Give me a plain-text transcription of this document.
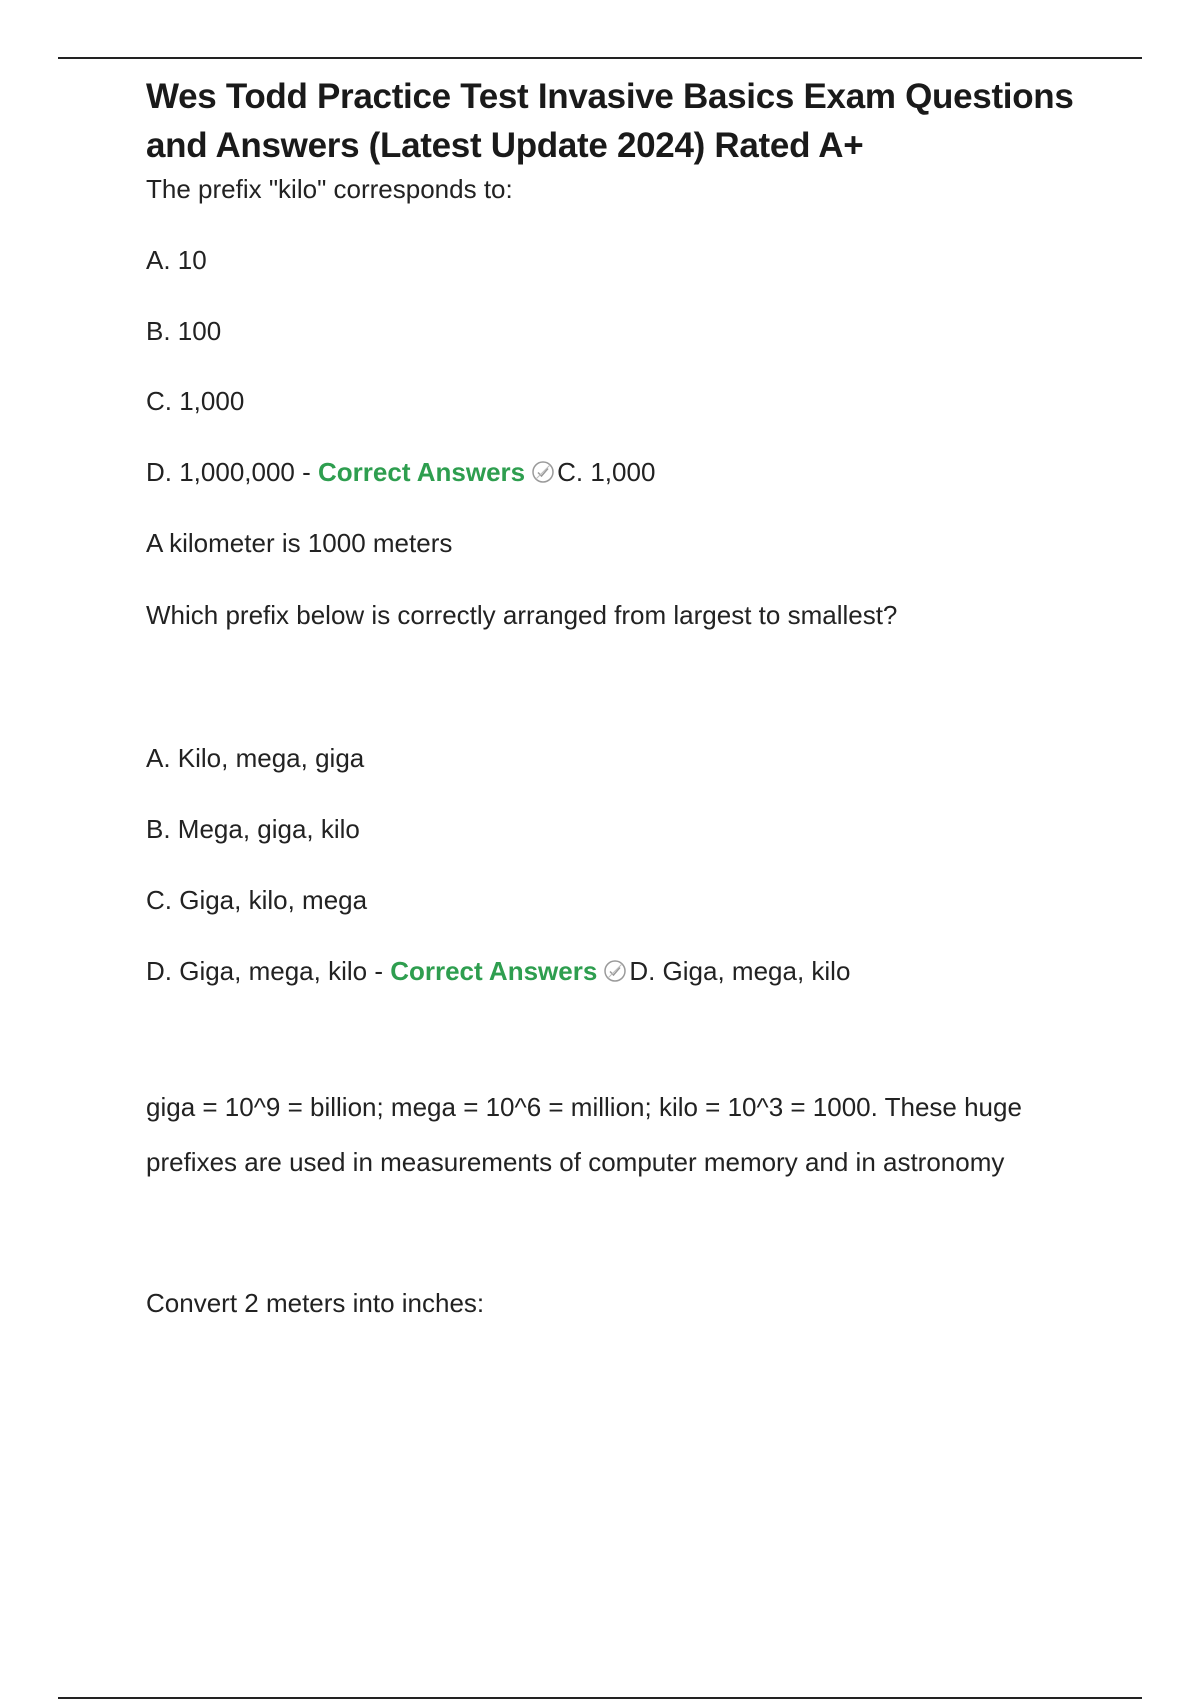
Wes Todd Practice Test Invasive Basics Exam Questions and Answers (Latest Update 2024) Rated A+

The prefix "kilo" corresponds to:

A. 10

B. 100

C. 1,000

D. 1,000,000 - Correct Answers C. 1,000

A kilometer is 1000 meters

Which prefix below is correctly arranged from largest to smallest?

A. Kilo, mega, giga

B. Mega, giga, kilo

C. Giga, kilo, mega

D. Giga, mega, kilo - Correct Answers D. Giga, mega, kilo

giga = 10^9 = billion; mega = 10^6 = million; kilo = 10^3 = 1000. These huge prefixes are used in measurements of computer memory and in astronomy

Convert 2 meters into inches:
